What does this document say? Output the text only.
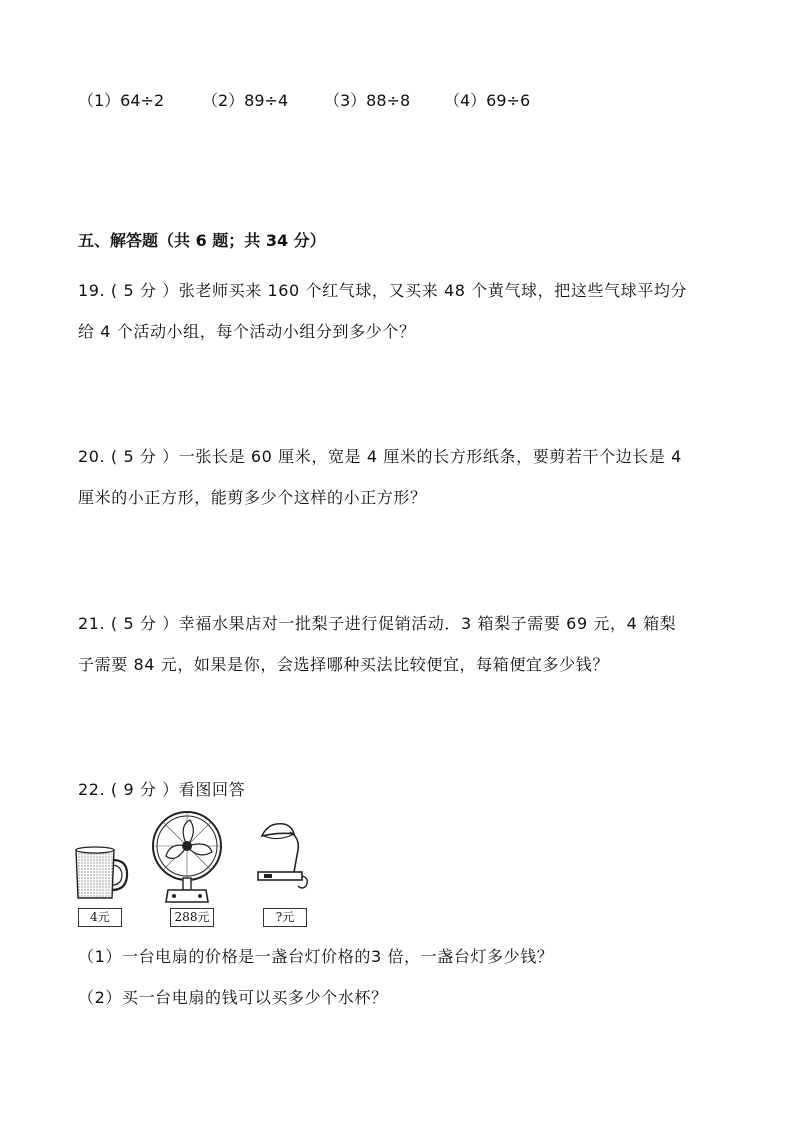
（1）64÷2 （2）89÷4 （3）88÷8 （4）69÷6
五、解答题（共 6 题；共 34 分）
19. ( 5 分 ）张老师买来 160 个红气球，又买来 48 个黄气球，把这些气球平均分
给 4 个活动小组，每个活动小组分到多少个？
20. ( 5 分 ）一张长是 60 厘米，宽是 4 厘米的长方形纸条，要剪若干个边长是 4
厘米的小正方形，能剪多少个这样的小正方形？
21. ( 5 分 ）幸福水果店对一批梨子进行促销活动．3 箱梨子需要 69 元，4 箱梨
子需要 84 元，如果是你，会选择哪种买法比较便宜，每箱便宜多少钱？
22. ( 9 分 ）看图回答
4元	288元	?元
（1）一台电扇的价格是一盏台灯价格的3 倍，一盏台灯多少钱？
（2）买一台电扇的钱可以买多少个水杯？
